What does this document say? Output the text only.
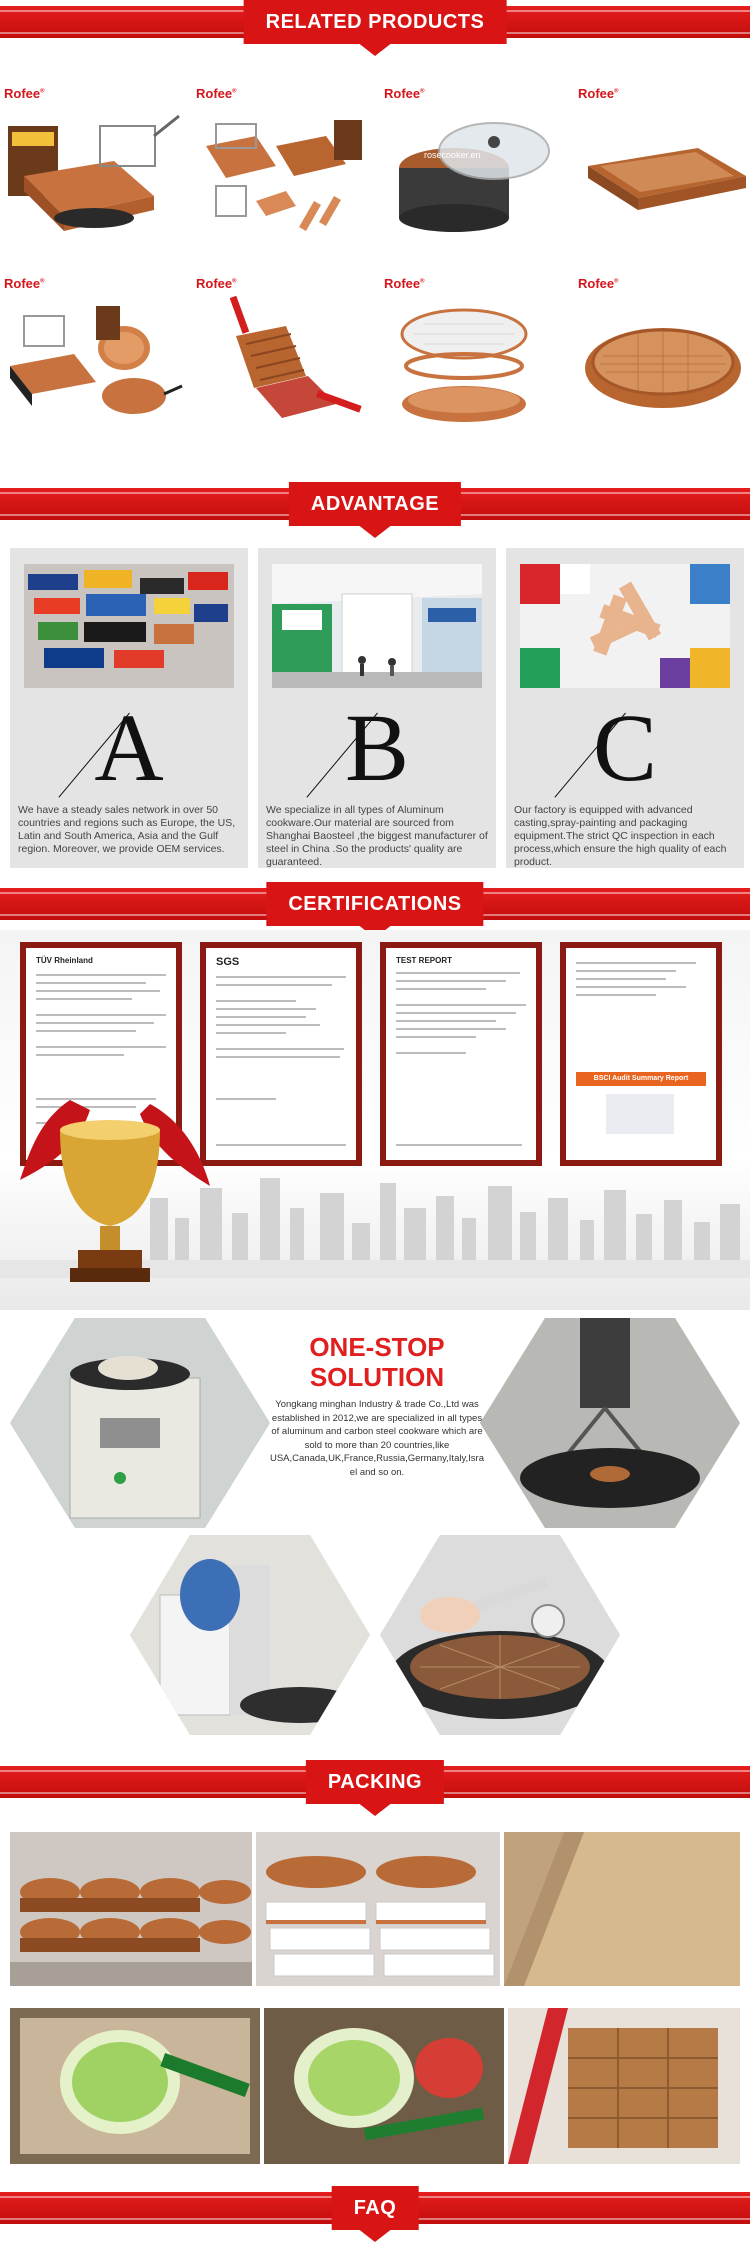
RELATED PRODUCTS
Rofee®	Rofee®	Rofee®
rosecooker.en
Rofee®
Rofee®	Rofee®	Rofee®	Rofee®
ADVANTAGE
A
We have a steady sales network in over 50 countries and regions such as Europe, the US, Latin and South America, Asia and the Gulf region. Moreover, we provide OEM services.
B
We specialize in all types of Aluminum cookware.Our material are sourced from Shanghai Baosteel ,the biggest manufacturer of steel in China .So the products' quality are guaranteed.
C
Our factory is equipped with advanced casting,spray-painting and packaging equipment.The strict QC inspection in each process,which ensure the high quality of each product.
CERTIFICATIONS
TÜV Rheinland	SGS	TEST REPORT
BSCI Audit Summary Report
ONE-STOP
SOLUTION

Yongkang minghan Industry & trade Co.,Ltd was established in 2012,we are specialized in all types of aluminum and carbon steel cookware which are sold to more than 20 countries,like USA,Canada,UK,France,Russia,Germany,Italy,Isra el and so on.

PACKING
FAQ
